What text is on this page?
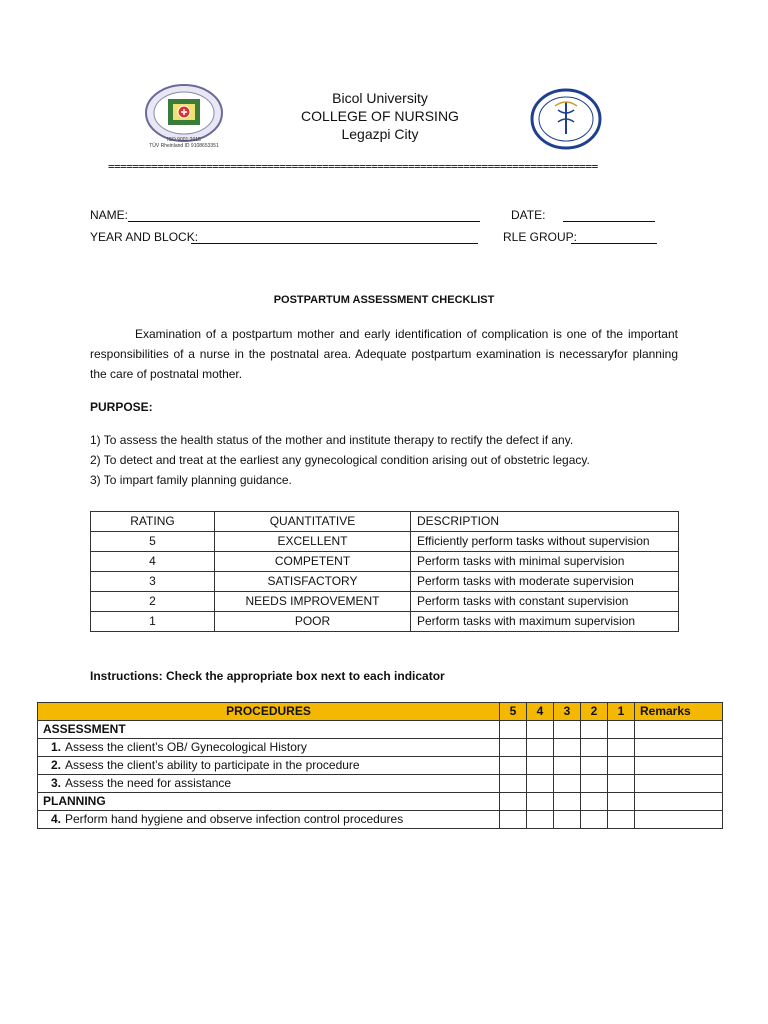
ISO 9001:2015
TÜV Rheinland ID 9108653351
Bicol University
COLLEGE OF NURSING
Legazpi City
================================================================================
NAME:	DATE:
YEAR AND BLOCK:	RLE GROUP:
POSTPARTUM ASSESSMENT CHECKLIST
Examination of a postpartum mother and early identification of complication is one of the important responsibilities of a nurse in the postnatal area. Adequate postpartum examination is necessaryfor planning the care of postnatal mother.
PURPOSE:
1) To assess the health status of the mother and institute therapy to rectify the defect if any.
2) To detect and treat at the earliest any gynecological condition arising out of obstetric legacy.
3) To impart family planning guidance.
RATING	QUANTITATIVE	DESCRIPTION
5	EXCELLENT	Efficiently perform tasks without supervision
4	COMPETENT	Perform tasks with minimal supervision
3	SATISFACTORY	Perform tasks with moderate supervision
2	NEEDS IMPROVEMENT	Perform tasks with constant supervision
1	POOR	Perform tasks with maximum supervision
Instructions: Check the appropriate box next to each indicator
PROCEDURES	5	4	3	2	1	Remarks
ASSESSMENT						
1. Assess the client’s OB/ Gynecological History						
2. Assess the client’s ability to participate in the procedure						
3. Assess the need for assistance						
PLANNING						
4. Perform hand hygiene and observe infection control procedures						
